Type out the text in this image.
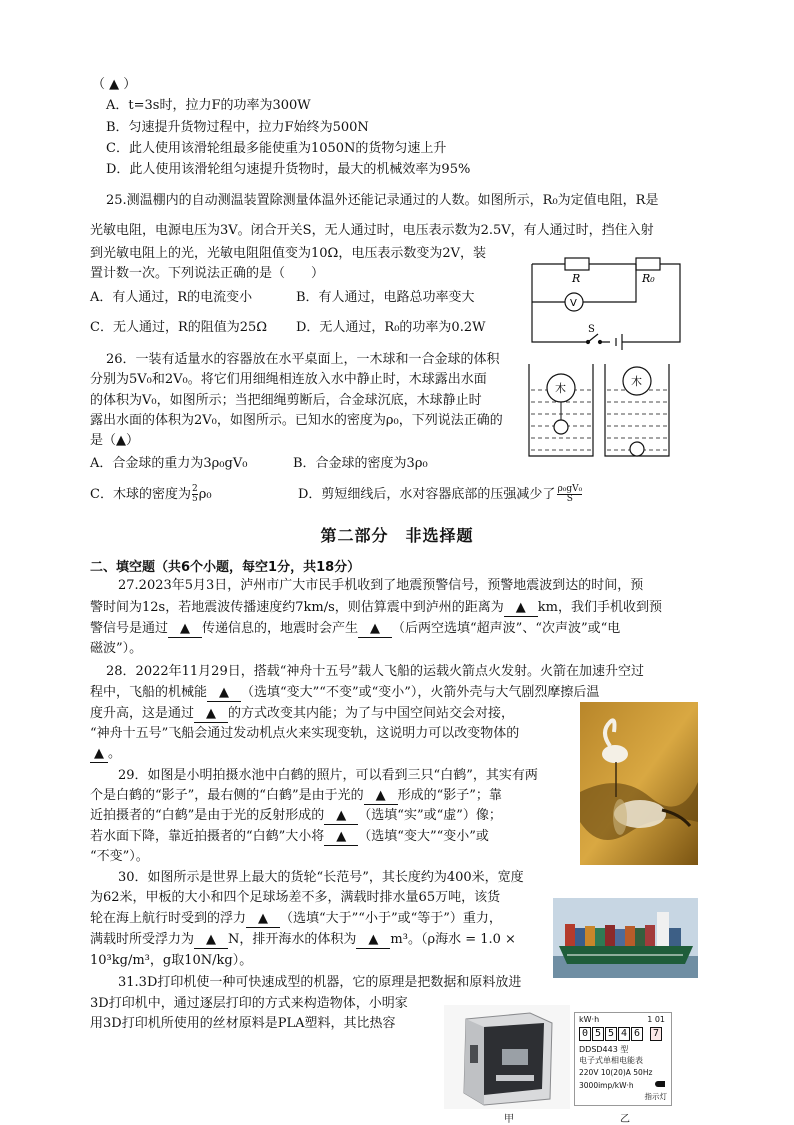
（ ▲ ）
A．t=3s时，拉力F的功率为300W
B．匀速提升货物过程中，拉力F始终为500N
C．此人使用该滑轮组最多能使重为1050N的货物匀速上升
D．此人使用该滑轮组匀速提升货物时，最大的机械效率为95%
25.测温棚内的自动测温装置除测量体温外还能记录通过的人数。如图所示，R₀为定值电阻，R是
光敏电阻，电源电压为3V。闭合开关S，无人通过时，电压表示数为2.5V，有人通过时，挡住入射
到光敏电阻上的光，光敏电阻阻值变为10Ω，电压表示数变为2V，装
置计数一次。下列说法正确的是（　　）
A．有人通过，R的电流变小	B．有人通过，电路总功率变大
C．无人通过，R的阻值为25Ω D．无人通过，R₀的功率为0.2W
R	R₀
V
S
26．一装有适量水的容器放在水平桌面上，一木球和一合金球的体积
分别为5V₀和2V₀。将它们用细绳相连放入水中静止时，木球露出水面
的体积为V₀，如图所示；当把细绳剪断后，合金球沉底，木球静止时
露出水面的体积为2V₀，如图所示。已知水的密度为ρ₀，下列说法正确的
是（▲）
A．合金球的重力为3ρ₀gV₀	B．合金球的密度为3ρ₀
C．木球的密度为 $\frac{2}{5} \rho_0$	D．剪短细线后，水对容器底部的压强减少了 $\frac{\text{ρ₀gV₀}}{S}$
木
木
第二部分　非选择题
二、填空题（共6个小题，每空1分，共18分）
27.2023年5月3日，泸州市广大市民手机收到了地震预警信号，预警地震波到达的时间，预
警时间为12s，若地震波传播速度约7km/s，则估算震中到泸州的距离为 ▲ km，我们手机收到预
警信号是通过 ▲ 传递信息的，地震时会产生 ▲ （后两空选填“超声波”、“次声波”或“电
磁波”）。
28．2022年11月29日，搭载“神舟十五号”载人飞船的运载火箭点火发射。火箭在加速升空过
程中，飞船的机械能 ▲ （选填“变大”“不变”或“变小”），火箭外壳与大气剧烈摩擦后温
度升高，这是通过 ▲ 的方式改变其内能；为了与中国空间站交会对接，
“神舟十五号”飞船会通过发动机点火来实现变轨，这说明力可以改变物体的
▲ 。
29．如图是小明拍摄水池中白鹤的照片，可以看到三只“白鹤”，其实有两
个是白鹤的“影子”，最右侧的“白鹤”是由于光的 ▲ 形成的“影子”；靠
近拍摄者的“白鹤”是由于光的反射形成的 ▲ （选填“实”或“虚”）像；
若水面下降，靠近拍摄者的“白鹤”大小将 ▲ （选填“变大”“变小”或
“不变”）。
30．如图所示是世界上最大的货轮“长范号”，其长度约为400米，宽度
为62米，甲板的大小和四个足球场差不多，满载时排水量65万吨，该货
轮在海上航行时受到的浮力 ▲ （选填“大于”“小于”或“等于”）重力，
满载时所受浮力为 ▲ N，排开海水的体积为 ▲ m³。（ρ海水 = 1.0 ×
10³kg/m³，g取10N/kg）。
31.3D打印机使一种可快速成型的机器，它的原理是把数据和原料放进
3D打印机中，通过逐层打印的方式来构造物体，小明家
用3D打印机所使用的丝材原料是PLA塑料，其比热容
甲
kW·h	1 01
0 5 5 4 6 7
DDSD443 型
电子式单相电能表
220V 10(20)A 50Hz
3000imp/kW·h
指示灯
乙
